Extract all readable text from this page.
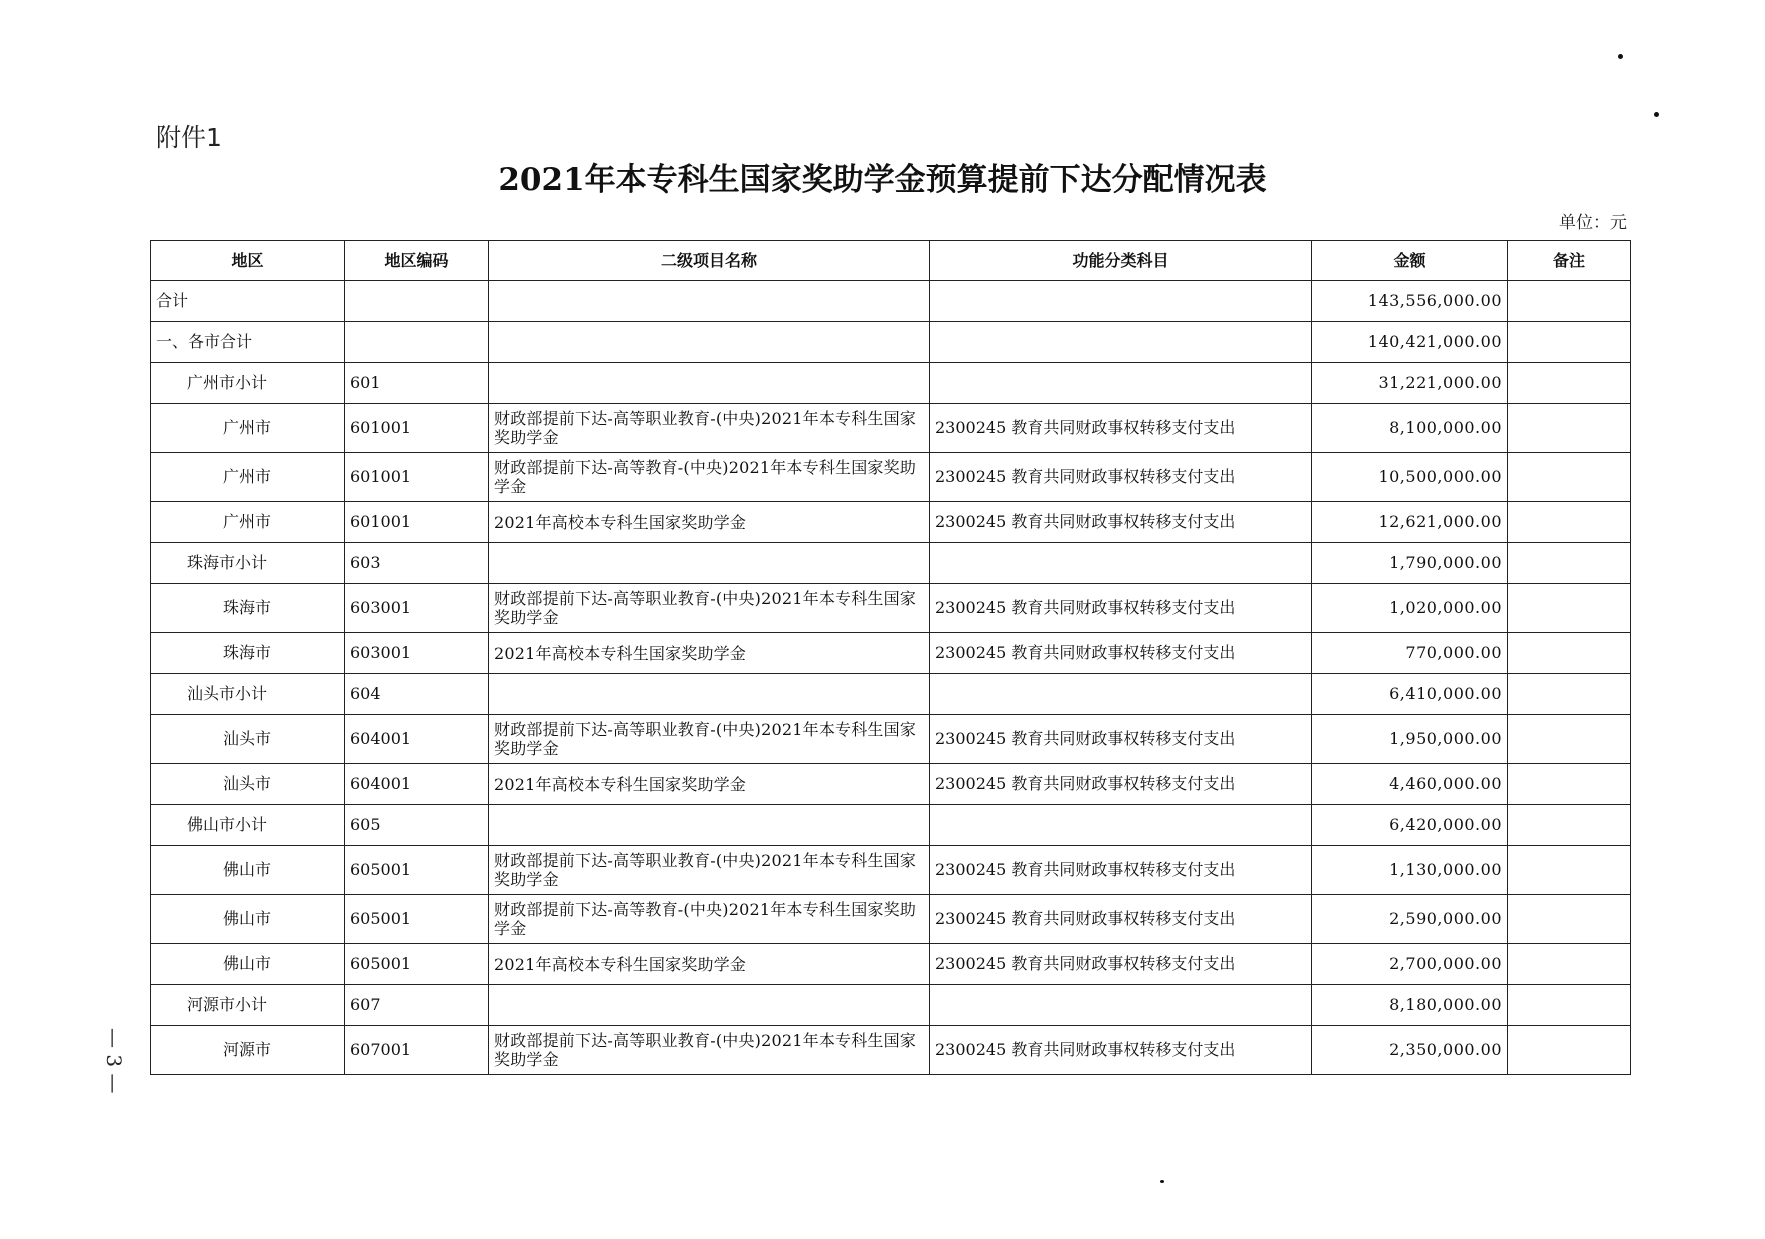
附件1
2021年本专科生国家奖助学金预算提前下达分配情况表
单位：元
地区	地区编码	二级项目名称	功能分类科目	金额	备注
合计				143,556,000.00	
一、各市合计				140,421,000.00	
广州市小计	601			31,221,000.00	
广州市	601001	财政部提前下达-高等职业教育-(中央)2021年本专科生国家奖助学金	2300245 教育共同财政事权转移支付支出	8,100,000.00	
广州市	601001	财政部提前下达-高等教育-(中央)2021年本专科生国家奖助学金	2300245 教育共同财政事权转移支付支出	10,500,000.00	
广州市	601001	2021年高校本专科生国家奖助学金	2300245 教育共同财政事权转移支付支出	12,621,000.00	
珠海市小计	603			1,790,000.00	
珠海市	603001	财政部提前下达-高等职业教育-(中央)2021年本专科生国家奖助学金	2300245 教育共同财政事权转移支付支出	1,020,000.00	
珠海市	603001	2021年高校本专科生国家奖助学金	2300245 教育共同财政事权转移支付支出	770,000.00	
汕头市小计	604			6,410,000.00	
汕头市	604001	财政部提前下达-高等职业教育-(中央)2021年本专科生国家奖助学金	2300245 教育共同财政事权转移支付支出	1,950,000.00	
汕头市	604001	2021年高校本专科生国家奖助学金	2300245 教育共同财政事权转移支付支出	4,460,000.00	
佛山市小计	605			6,420,000.00	
佛山市	605001	财政部提前下达-高等职业教育-(中央)2021年本专科生国家奖助学金	2300245 教育共同财政事权转移支付支出	1,130,000.00	
佛山市	605001	财政部提前下达-高等教育-(中央)2021年本专科生国家奖助学金	2300245 教育共同财政事权转移支付支出	2,590,000.00	
佛山市	605001	2021年高校本专科生国家奖助学金	2300245 教育共同财政事权转移支付支出	2,700,000.00	
河源市小计	607			8,180,000.00	
河源市	607001	财政部提前下达-高等职业教育-(中央)2021年本专科生国家奖助学金	2300245 教育共同财政事权转移支付支出	2,350,000.00	
— 3 —
